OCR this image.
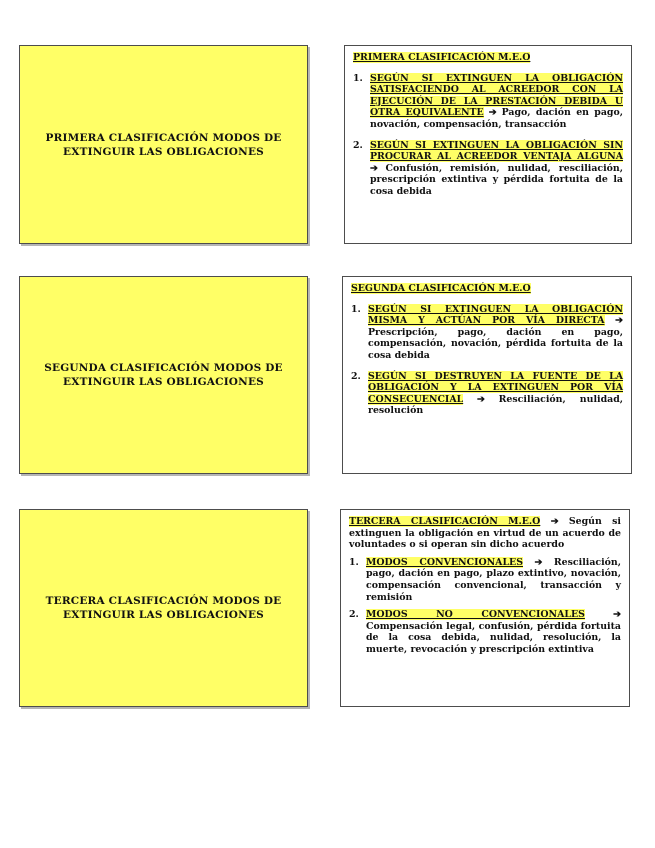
PRIMERA CLASIFICACIÓN MODOS DE EXTINGUIR LAS OBLIGACIONES
PRIMERA CLASIFICACIÓN M.E.O
1. SEGÚN SI EXTINGUEN LA OBLIGACIÓN SATISFACIENDO AL ACREEDOR CON LA EJECUCIÓN DE LA PRESTACIÓN DEBIDA U OTRA EQUIVALENTE ➔ Pago, dación en pago, novación, compensación, transacción
2. SEGÚN SI EXTINGUEN LA OBLIGACIÓN SIN PROCURAR AL ACREEDOR VENTAJA ALGUNA ➔ Confusión, remisión, nulidad, resciliación, prescripción extintiva y pérdida fortuita de la cosa debida
SEGUNDA CLASIFICACIÓN MODOS DE EXTINGUIR LAS OBLIGACIONES
SEGUNDA CLASIFICACIÓN M.E.O
1. SEGÚN SI EXTINGUEN LA OBLIGACIÓN MISMA Y ACTÚAN POR VÍA DIRECTA ➔ Prescripción, pago, dación en pago, compensación, novación, pérdida fortuita de la cosa debida
2. SEGÚN SI DESTRUYEN LA FUENTE DE LA OBLIGACIÓN Y LA EXTINGUEN POR VÍA CONSECUENCIAL ➔ Resciliación, nulidad, resolución
TERCERA CLASIFICACIÓN MODOS DE EXTINGUIR LAS OBLIGACIONES
TERCERA CLASIFICACIÓN M.E.O ➔ Según si extinguen la obligación en virtud de un acuerdo de voluntades o si operan sin dicho acuerdo
1. MODOS CONVENCIONALES ➔ Resciliación, pago, dación en pago, plazo extintivo, novación, compensación convencional, transacción y remisión
2. MODOS NO CONVENCIONALES	➔ Compensación legal, confusión, pérdida fortuita de la cosa debida, nulidad, resolución, la muerte, revocación y prescripción extintiva
